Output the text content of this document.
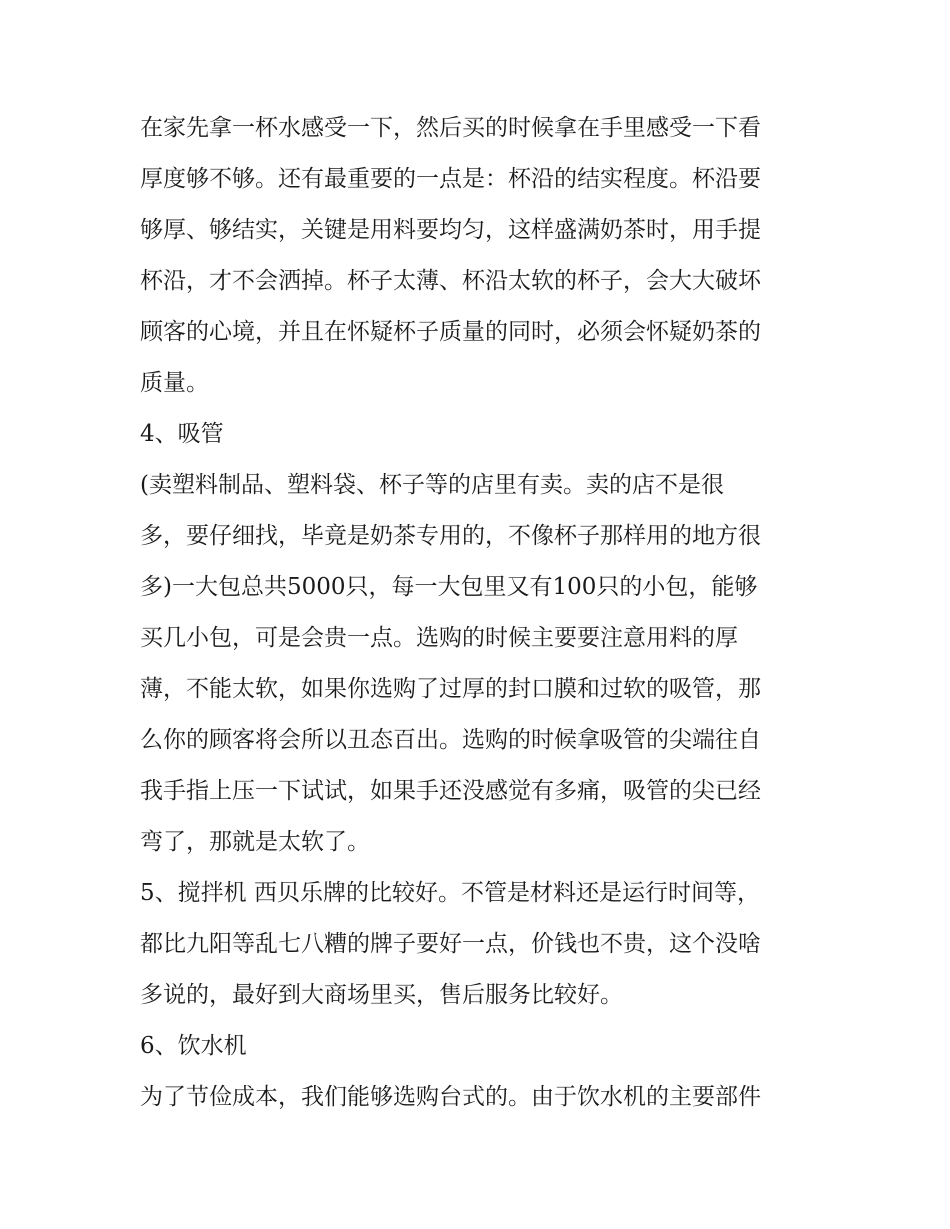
在家先拿一杯水感受一下，然后买的时候拿在手里感受一下看
厚度够不够。还有最重要的一点是：杯沿的结实程度。杯沿要
够厚、够结实，关键是用料要均匀，这样盛满奶茶时，用手提
杯沿，才不会洒掉。杯子太薄、杯沿太软的杯子，会大大破坏
顾客的心境，并且在怀疑杯子质量的同时，必须会怀疑奶茶的
质量。
4、吸管
(卖塑料制品、塑料袋、杯子等的店里有卖。卖的店不是很
多，要仔细找，毕竟是奶茶专用的，不像杯子那样用的地方很
多)一大包总共5000只，每一大包里又有100只的小包，能够
买几小包，可是会贵一点。选购的时候主要要注意用料的厚
薄，不能太软，如果你选购了过厚的封口膜和过软的吸管，那
么你的顾客将会所以丑态百出。选购的时候拿吸管的尖端往自
我手指上压一下试试，如果手还没感觉有多痛，吸管的尖已经
弯了，那就是太软了。
5、搅拌机 西贝乐牌的比较好。不管是材料还是运行时间等，
都比九阳等乱七八糟的牌子要好一点，价钱也不贵，这个没啥
多说的，最好到大商场里买，售后服务比较好。
6、饮水机
为了节俭成本，我们能够选购台式的。由于饮水机的主要部件
